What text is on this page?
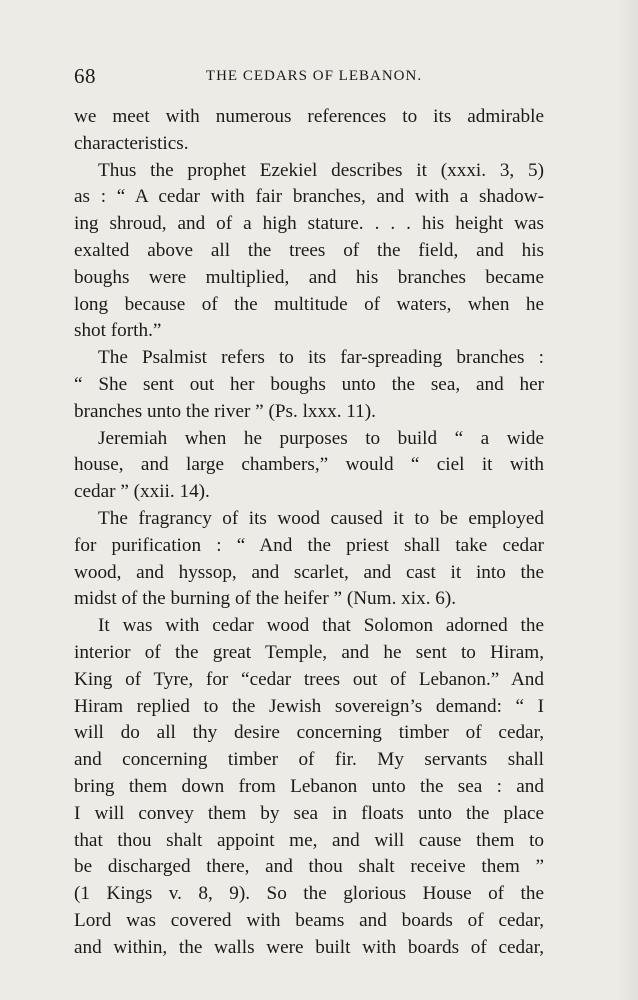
68	THE CEDARS OF LEBANON.
we meet with numerous references to its admirable
characteristics.
Thus the prophet Ezekiel describes it (xxxi. 3, 5)
as : “ A cedar with fair branches, and with a shadow-
ing shroud, and of a high stature. . . . his height was
exalted above all the trees of the field, and his
boughs were multiplied, and his branches became
long because of the multitude of waters, when he
shot forth.”
The Psalmist refers to its far-spreading branches :
“ She sent out her boughs unto the sea, and her
branches unto the river ” (Ps. lxxx. 11).
Jeremiah when he purposes to build “ a wide
house, and large chambers,” would “ ciel it with
cedar ” (xxii. 14).
The fragrancy of its wood caused it to be employed
for purification : “ And the priest shall take cedar
wood, and hyssop, and scarlet, and cast it into the
midst of the burning of the heifer ” (Num. xix. 6).
It was with cedar wood that Solomon adorned the
interior of the great Temple, and he sent to Hiram,
King of Tyre, for “cedar trees out of Lebanon.” And
Hiram replied to the Jewish sovereign’s demand: “ I
will do all thy desire concerning timber of cedar,
and concerning timber of fir. My servants shall
bring them down from Lebanon unto the sea : and
I will convey them by sea in floats unto the place
that thou shalt appoint me, and will cause them to
be discharged there, and thou shalt receive them ”
(1 Kings v. 8, 9). So the glorious House of the
Lord was covered with beams and boards of cedar,
and within, the walls were built with boards of cedar,
